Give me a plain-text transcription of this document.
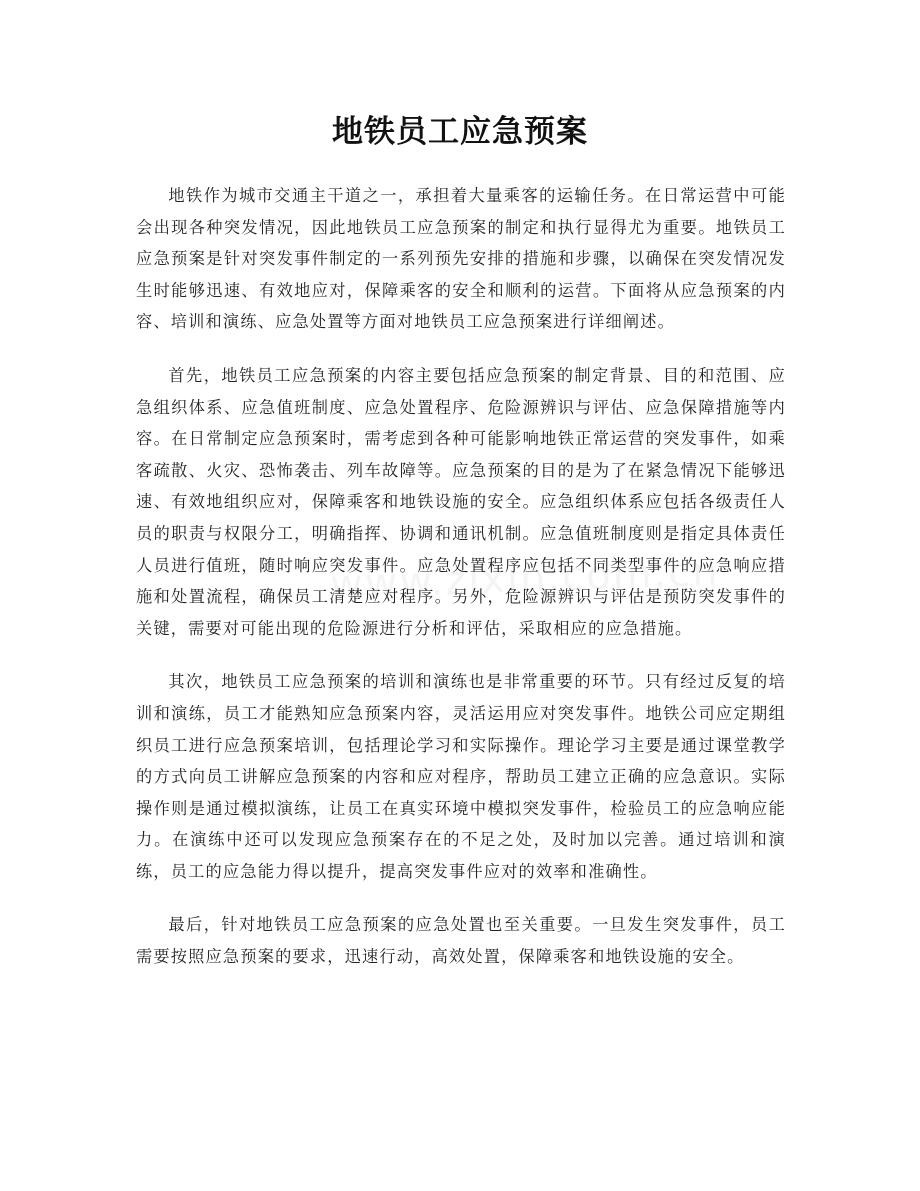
地铁员工应急预案

地铁作为城市交通主干道之一，承担着大量乘客的运输任务。在日常运营中可能会出现各种突发情况，因此地铁员工应急预案的制定和执行显得尤为重要。地铁员工应急预案是针对突发事件制定的一系列预先安排的措施和步骤，以确保在突发情况发生时能够迅速、有效地应对，保障乘客的安全和顺利的运营。下面将从应急预案的内容、培训和演练、应急处置等方面对地铁员工应急预案进行详细阐述。

首先，地铁员工应急预案的内容主要包括应急预案的制定背景、目的和范围、应急组织体系、应急值班制度、应急处置程序、危险源辨识与评估、应急保障措施等内容。在日常制定应急预案时，需考虑到各种可能影响地铁正常运营的突发事件，如乘客疏散、火灾、恐怖袭击、列车故障等。应急预案的目的是为了在紧急情况下能够迅速、有效地组织应对，保障乘客和地铁设施的安全。应急组织体系应包括各级责任人员的职责与权限分工，明确指挥、协调和通讯机制。应急值班制度则是指定具体责任人员进行值班，随时响应突发事件。应急处置程序应包括不同类型事件的应急响应措施和处置流程，确保员工清楚应对程序。另外，危险源辨识与评估是预防突发事件的关键，需要对可能出现的危险源进行分析和评估，采取相应的应急措施。

其次，地铁员工应急预案的培训和演练也是非常重要的环节。只有经过反复的培训和演练，员工才能熟知应急预案内容，灵活运用应对突发事件。地铁公司应定期组织员工进行应急预案培训，包括理论学习和实际操作。理论学习主要是通过课堂教学的方式向员工讲解应急预案的内容和应对程序，帮助员工建立正确的应急意识。实际操作则是通过模拟演练，让员工在真实环境中模拟突发事件，检验员工的应急响应能力。在演练中还可以发现应急预案存在的不足之处，及时加以完善。通过培训和演练，员工的应急能力得以提升，提高突发事件应对的效率和准确性。

最后，针对地铁员工应急预案的应急处置也至关重要。一旦发生突发事件，员工需要按照应急预案的要求，迅速行动，高效处置，保障乘客和地铁设施的安全。
